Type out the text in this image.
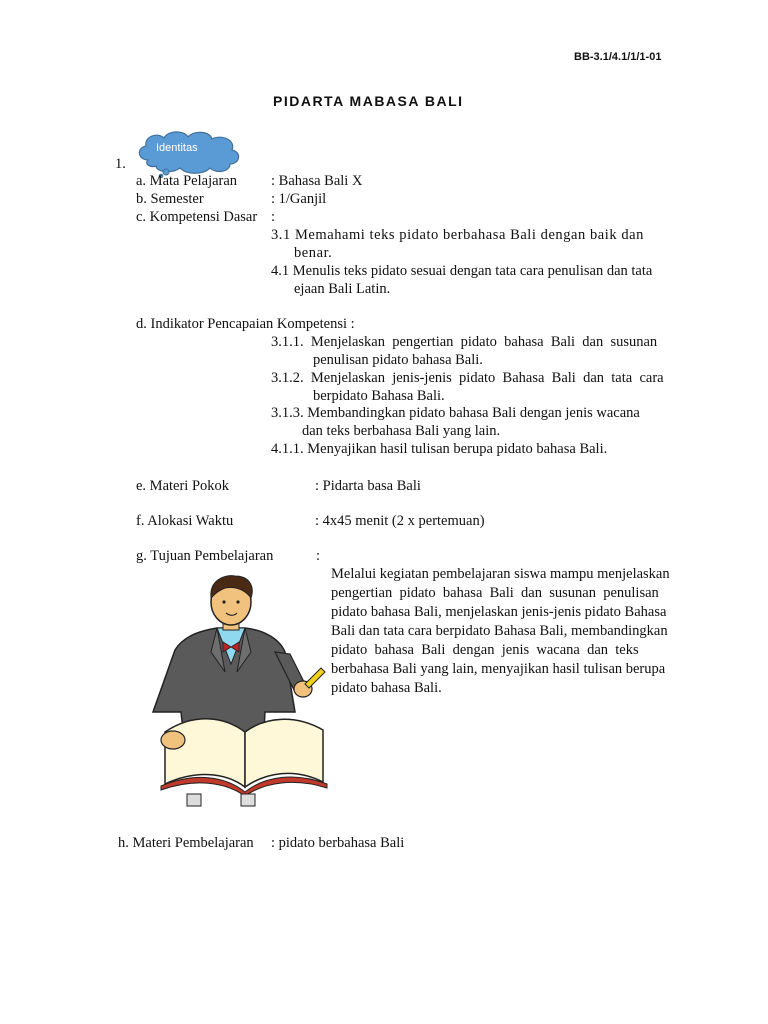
BB-3.1/4.1/1/1-01
PIDARTA MABASA BALI
Identitas
1.
a. Mata Pelajaran : Bahasa Bali X
b. Semester	: 1/Ganjil
c. Kompetensi Dasar :
3.1 Memahami teks pidato berbahasa Bali dengan baik dan
benar.
4.1 Menulis teks pidato sesuai dengan tata cara penulisan dan tata
ejaan Bali Latin.
d. Indikator Pencapaian Kompetensi :
3.1.1.  Menjelaskan  pengertian  pidato  bahasa  Bali  dan  susunan
penulisan pidato bahasa Bali.
3.1.2.  Menjelaskan  jenis-jenis  pidato  Bahasa  Bali  dan  tata  cara
berpidato Bahasa Bali.
3.1.3. Membandingkan pidato bahasa Bali dengan jenis wacana
dan teks berbahasa Bali yang lain.
4.1.1. Menyajikan hasil tulisan berupa pidato bahasa Bali.
e. Materi Pokok	: Pidarta basa Bali
f. Alokasi Waktu	: 4x45 menit (2 x pertemuan)
g. Tujuan Pembelajaran	:
Melalui kegiatan pembelajaran siswa mampu menjelaskan
pengertian  pidato  bahasa  Bali  dan  susunan  penulisan
pidato bahasa Bali, menjelaskan jenis-jenis pidato Bahasa
Bali dan tata cara berpidato Bahasa Bali, membandingkan
pidato  bahasa  Bali  dengan  jenis  wacana  dan  teks
berbahasa Bali yang lain, menyajikan hasil tulisan berupa
pidato bahasa Bali.
h. Materi Pembelajaran : pidato berbahasa Bali
